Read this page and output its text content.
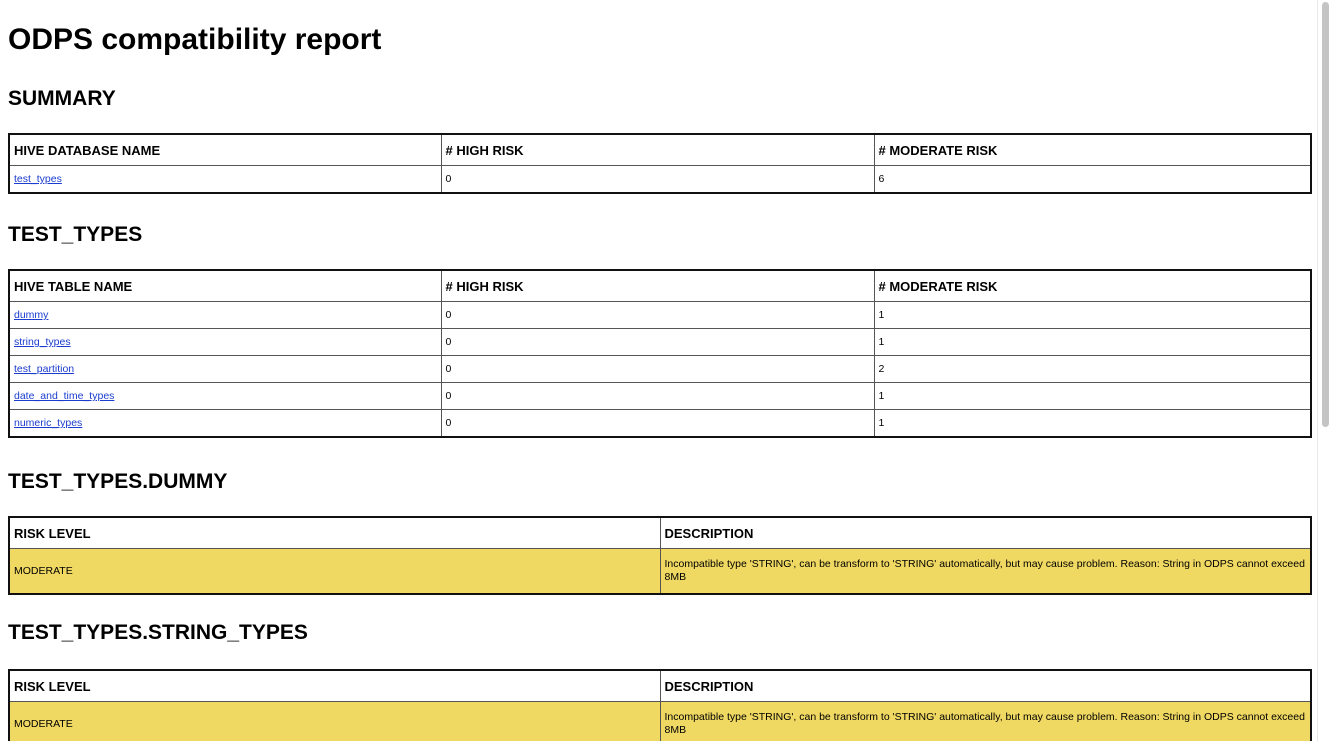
ODPS compatibility report
SUMMARY
HIVE DATABASE NAME	# HIGH RISK	# MODERATE RISK
test_types	0	6
TEST_TYPES
HIVE TABLE NAME	# HIGH RISK	# MODERATE RISK
dummy	0	1
string_types	0	1
test_partition	0	2
date_and_time_types	0	1
numeric_types	0	1
TEST_TYPES.DUMMY
RISK LEVEL	DESCRIPTION
MODERATE	Incompatible type 'STRING', can be transform to 'STRING' automatically, but may cause problem. Reason: String in ODPS cannot exceed 8MB
TEST_TYPES.STRING_TYPES
RISK LEVEL	DESCRIPTION
MODERATE	Incompatible type 'STRING', can be transform to 'STRING' automatically, but may cause problem. Reason: String in ODPS cannot exceed 8MB
